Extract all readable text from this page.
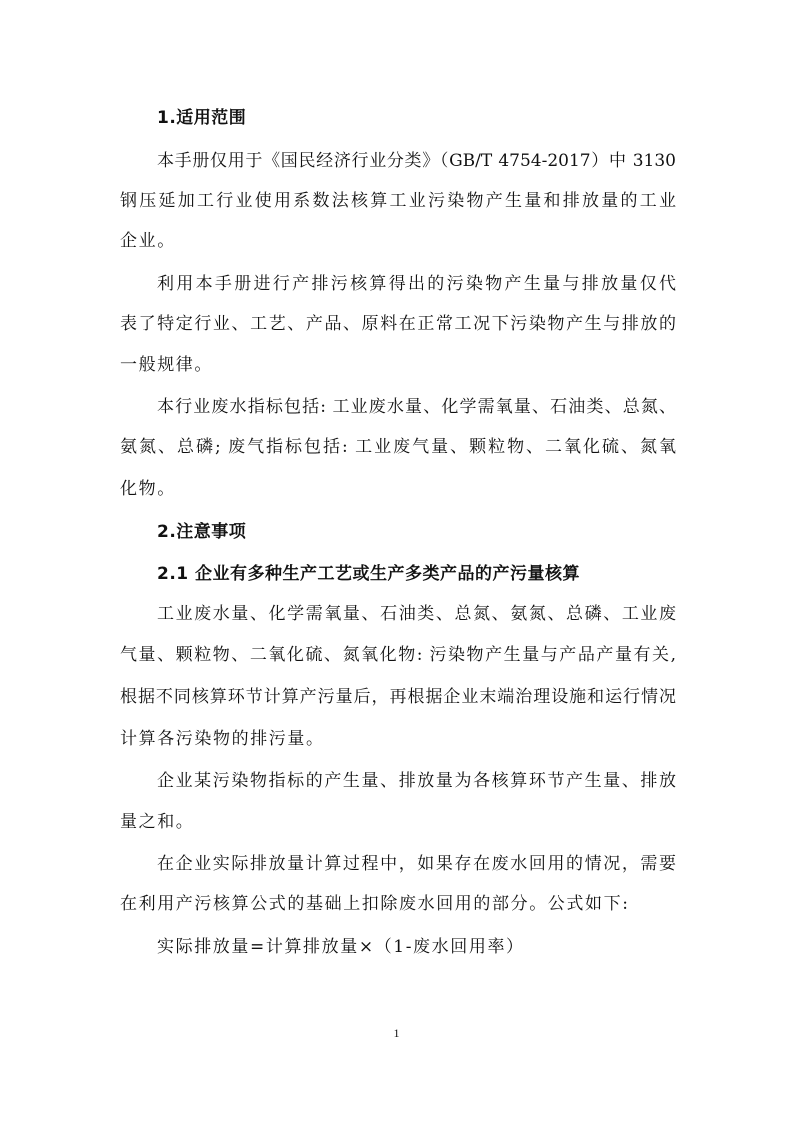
1.适用范围
本手册仅用于《国民经济行业分类》（GB/T 4754-2017）中 3130
钢压延加工行业使用系数法核算工业污染物产生量和排放量的工业
企业。
利用本手册进行产排污核算得出的污染物产生量与排放量仅代
表了特定行业、工艺、产品、原料在正常工况下污染物产生与排放的
一般规律。
本行业废水指标包括: 工业废水量、化学需氧量、石油类、总氮、
氨氮、总磷; 废气指标包括: 工业废气量、颗粒物、二氧化硫、氮氧
化物。
2.注意事项
2.1 企业有多种生产工艺或生产多类产品的产污量核算
工业废水量、化学需氧量、石油类、总氮、氨氮、总磷、工业废
气量、颗粒物、二氧化硫、氮氧化物: 污染物产生量与产品产量有关,
根据不同核算环节计算产污量后，再根据企业末端治理设施和运行情况
计算各污染物的排污量。
企业某污染物指标的产生量、排放量为各核算环节产生量、排放
量之和。
在企业实际排放量计算过程中，如果存在废水回用的情况，需要
在利用产污核算公式的基础上扣除废水回用的部分。公式如下:
实际排放量=计算排放量×（1-废水回用率）
1
